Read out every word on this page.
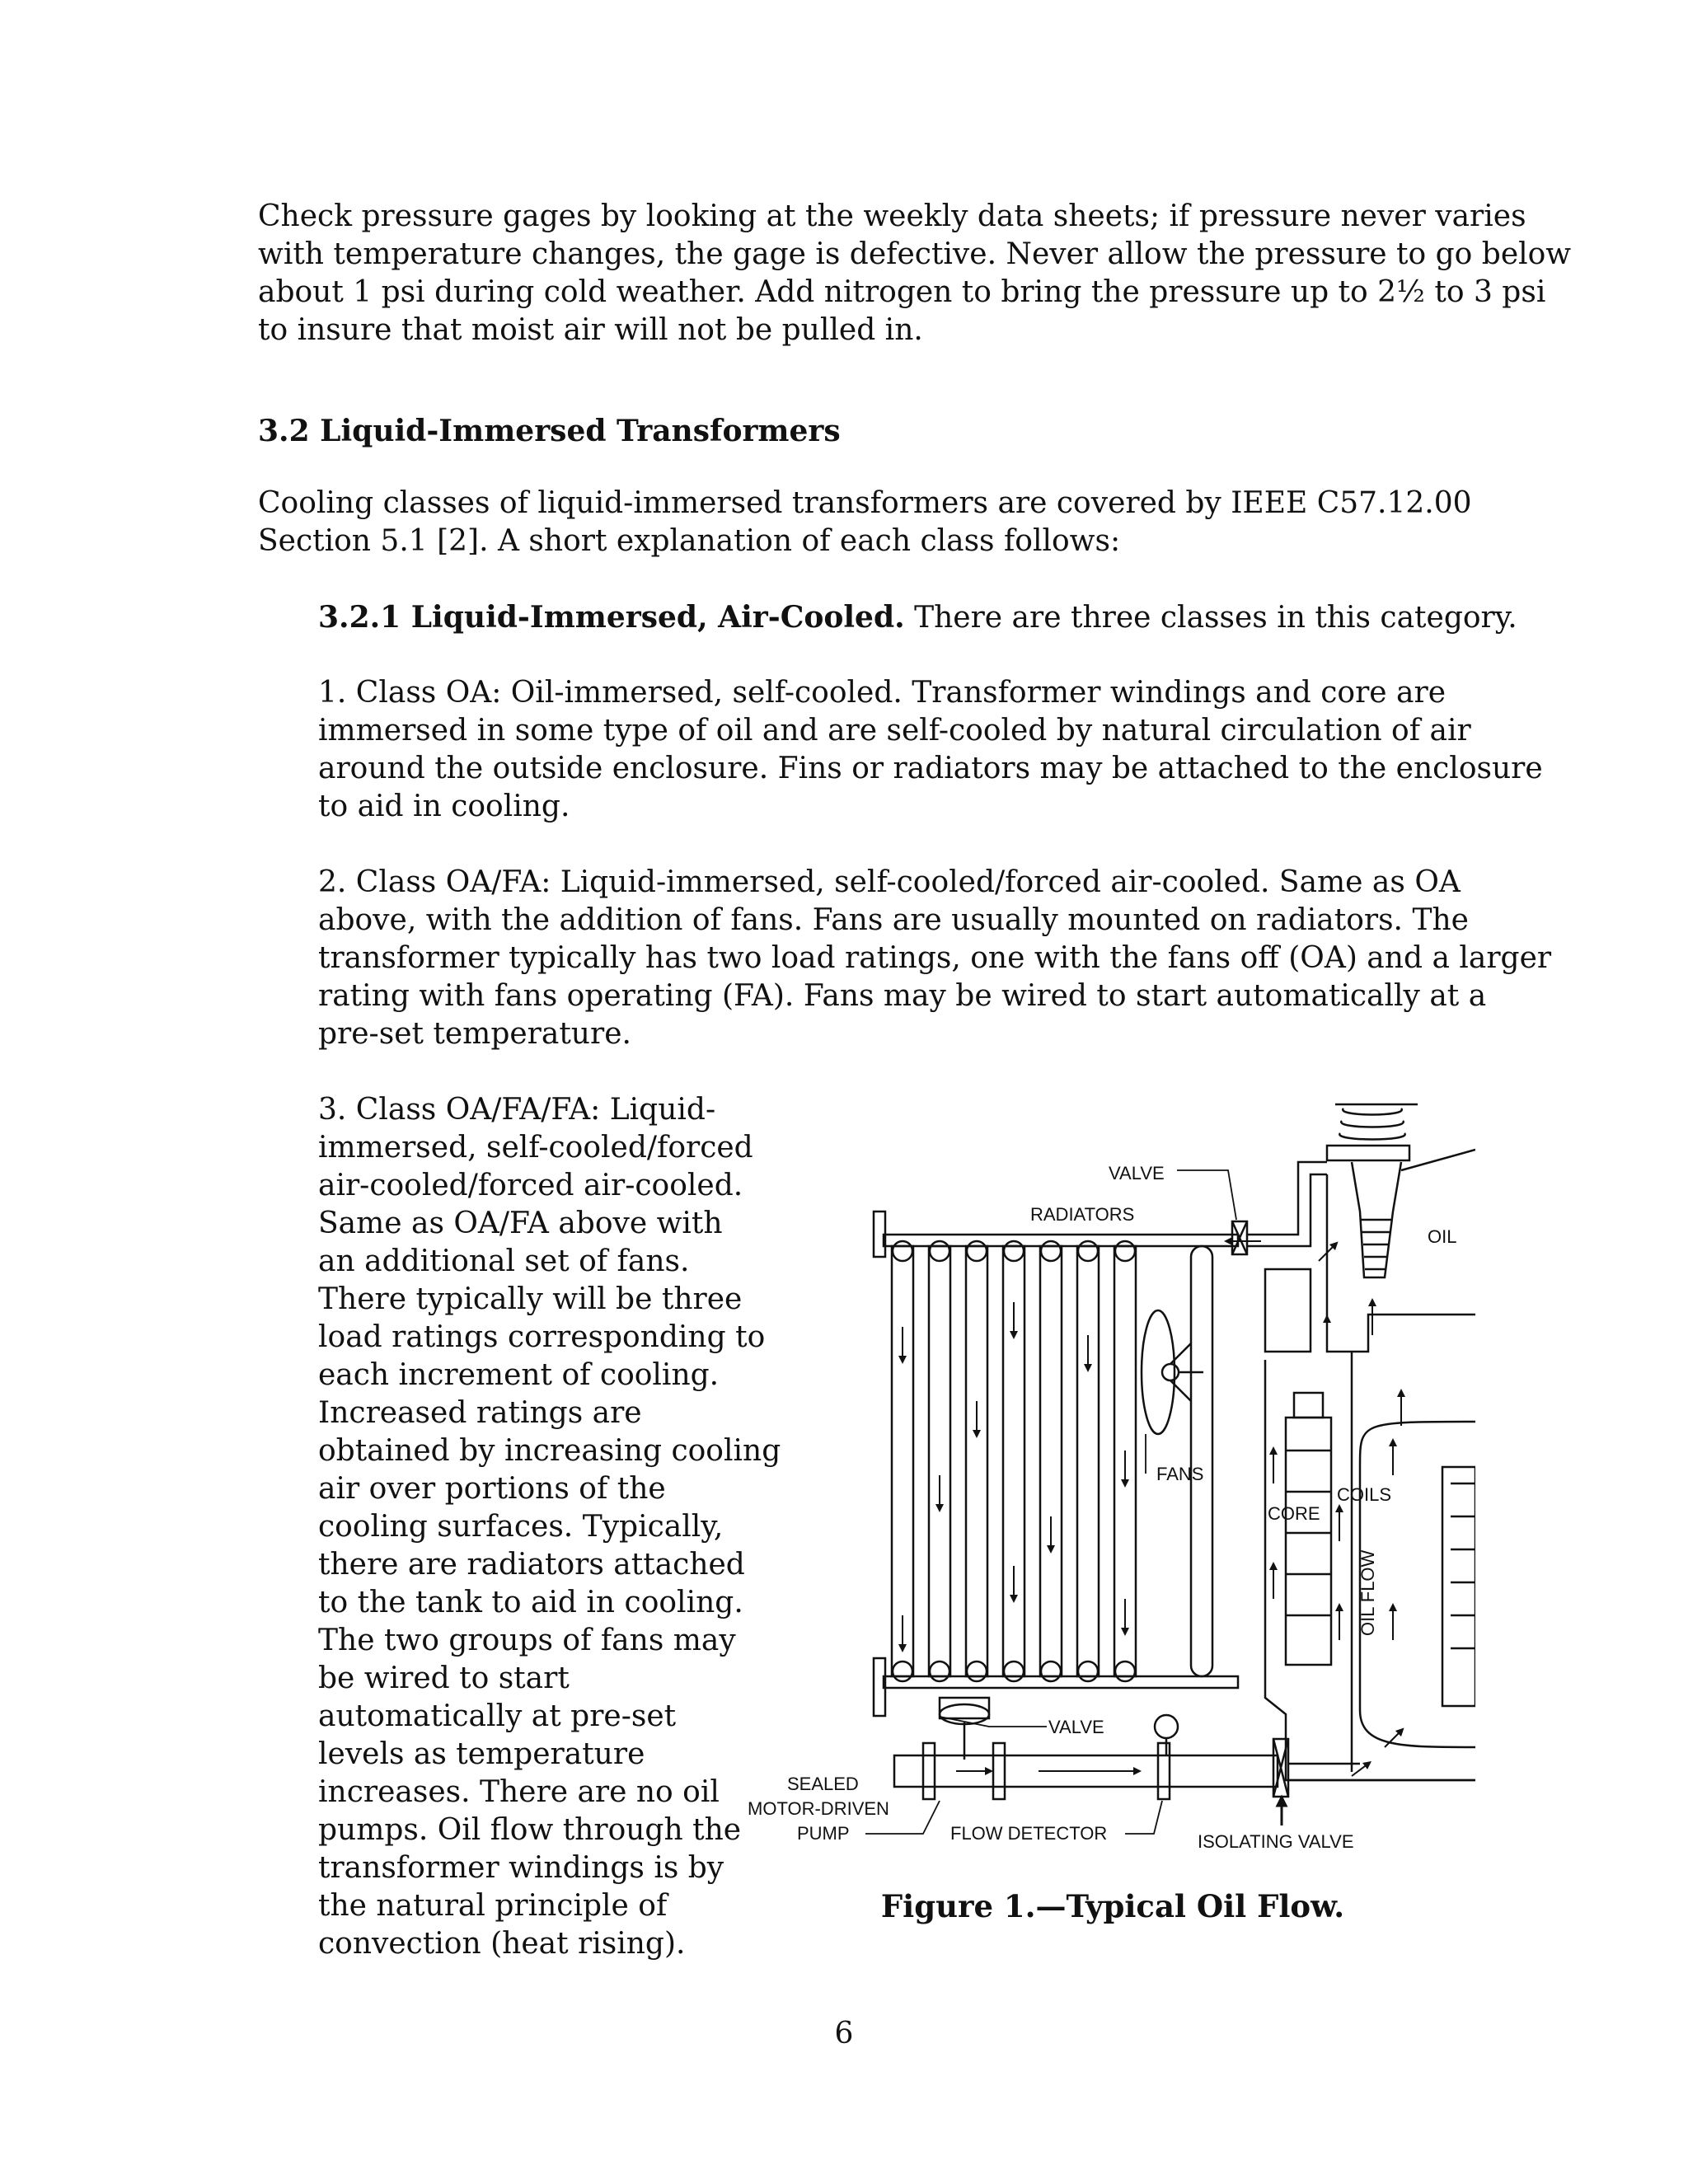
Check pressure gages by looking at the weekly data sheets; if pressure never varies
with temperature changes, the gage is defective. Never allow the pressure to go below
about 1 psi during cold weather. Add nitrogen to bring the pressure up to 2½ to 3 psi
to insure that moist air will not be pulled in.
3.2 Liquid-Immersed Transformers
Cooling classes of liquid-immersed transformers are covered by IEEE C57.12.00
Section 5.1 [2]. A short explanation of each class follows:
3.2.1 Liquid-Immersed, Air-Cooled. There are three classes in this category.
1. Class OA: Oil-immersed, self-cooled. Transformer windings and core are
immersed in some type of oil and are self-cooled by natural circulation of air
around the outside enclosure. Fins or radiators may be attached to the enclosure
to aid in cooling.
2. Class OA/FA: Liquid-immersed, self-cooled/forced air-cooled. Same as OA
above, with the addition of fans. Fans are usually mounted on radiators. The
transformer typically has two load ratings, one with the fans off (OA) and a larger
rating with fans operating (FA). Fans may be wired to start automatically at a
pre-set temperature.
3. Class OA/FA/FA: Liquid-
immersed, self-cooled/forced
air-cooled/forced air-cooled.
Same as OA/FA above with
an additional set of fans.
There typically will be three
load ratings corresponding to
each increment of cooling.
Increased ratings are
obtained by increasing cooling
air over portions of the
cooling surfaces. Typically,
there are radiators attached
to the tank to aid in cooling.
The two groups of fans may
be wired to start
automatically at pre-set
levels as temperature
increases. There are no oil
pumps. Oil flow through the
transformer windings is by
the natural principle of
convection (heat rising).
VALVE
RADIATORS
OIL
FANS
CORE
COILS
OIL FLOW
VALVE
SEALED
MOTOR-DRIVEN
PUMP	FLOW DETECTOR	ISOLATING VALVE
Figure 1.—Typical Oil Flow.
6
